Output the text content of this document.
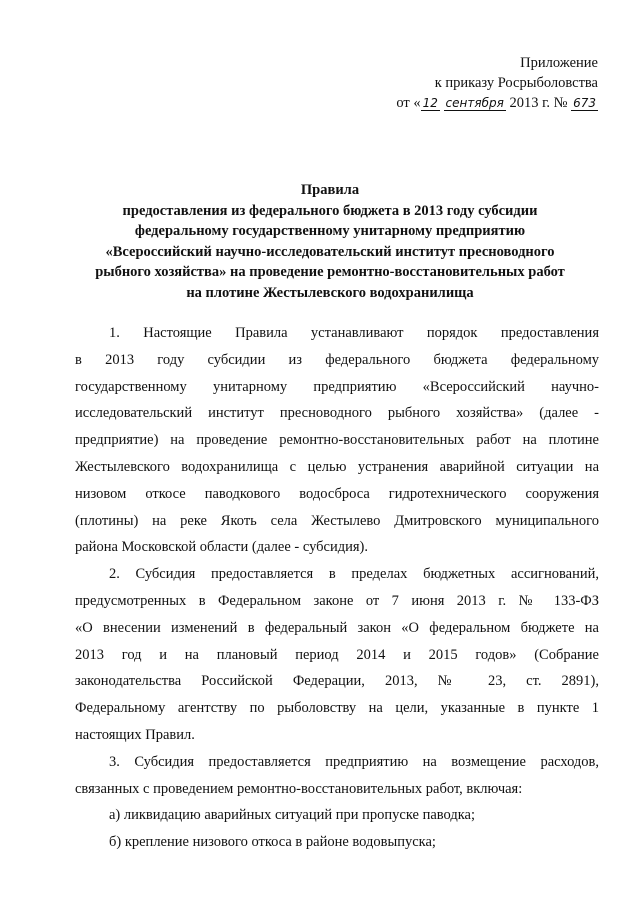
Приложение
к приказу Росрыболовства
от « 12 сентября 2013 г. № 673
Правила
предоставления из федерального бюджета в 2013 году субсидии
федеральному государственному унитарному предприятию
«Всероссийский научно-исследовательский институт пресноводного
рыбного хозяйства» на проведение ремонтно-восстановительных работ
на плотине Жестылевского водохранилища
1. Настоящие Правила устанавливают порядок предоставления
в 2013 году субсидии из федерального бюджета федеральному
государственному унитарному предприятию «Всероссийский научно-
исследовательский институт пресноводного рыбного хозяйства» (далее -
предприятие) на проведение ремонтно-восстановительных работ на плотине
Жестылевского водохранилища с целью устранения аварийной ситуации на
низовом откосе паводкового водосброса гидротехнического сооружения
(плотины) на реке Якоть села Жестылево Дмитровского муниципального
района Московской области (далее - субсидия).
2. Субсидия предоставляется в пределах бюджетных ассигнований,
предусмотренных в Федеральном законе от 7 июня 2013 г. № 133-ФЗ
«О внесении изменений в федеральный закон «О федеральном бюджете на
2013 год и на плановый период 2014 и 2015 годов» (Собрание
законодательства Российской Федерации, 2013, № 23, ст. 2891),
Федеральному агентству по рыболовству на цели, указанные в пункте 1
настоящих Правил.
3. Субсидия предоставляется предприятию на возмещение расходов,
связанных с проведением ремонтно-восстановительных работ, включая:
а) ликвидацию аварийных ситуаций при пропуске паводка;
б) крепление низового откоса в районе водовыпуска;
